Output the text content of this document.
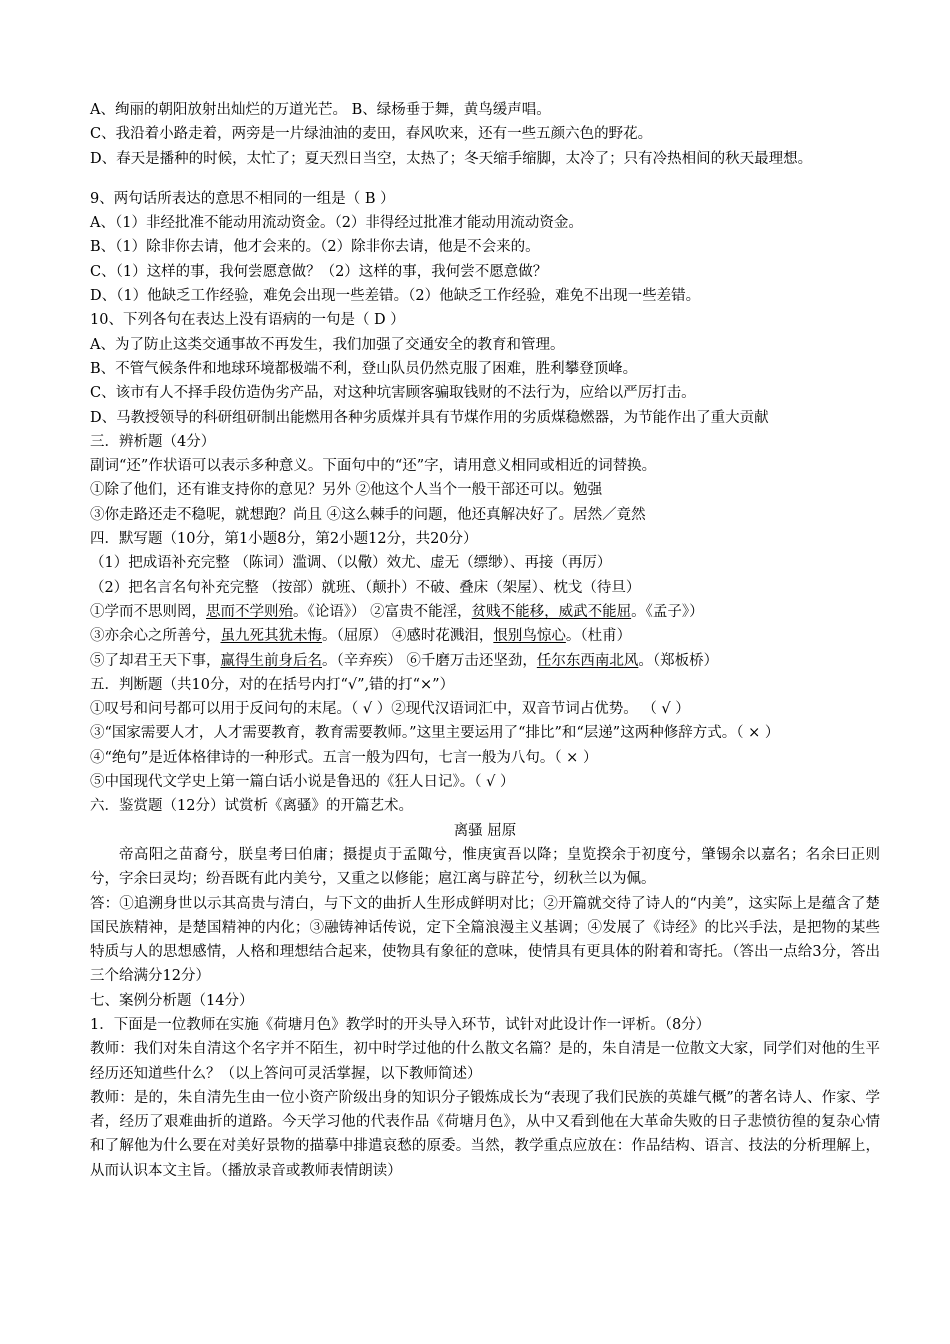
A、绚丽的朝阳放射出灿烂的万道光芒。 B、绿杨垂于舞，黄鸟缓声唱。
C、我沿着小路走着，两旁是一片绿油油的麦田，春风吹来，还有一些五颜六色的野花。
D、春天是播种的时候，太忙了；夏天烈日当空，太热了；冬天缩手缩脚，太冷了；只有冷热相间的秋天最理想。
9、两句话所表达的意思不相同的一组是（ B ）
A、（1）非经批准不能动用流动资金。（2）非得经过批准才能动用流动资金。
B、（1）除非你去请，他才会来的。（2）除非你去请，他是不会来的。
C、（1）这样的事，我何尝愿意做？（2）这样的事，我何尝不愿意做？
D、（1）他缺乏工作经验，难免会出现一些差错。（2）他缺乏工作经验，难免不出现一些差错。
10、下列各句在表达上没有语病的一句是（ D ）
A、为了防止这类交通事故不再发生，我们加强了交通安全的教育和管理。
B、不管气候条件和地球环境都极端不利，登山队员仍然克服了困难，胜利攀登顶峰。
C、该市有人不择手段仿造伪劣产品，对这种坑害顾客骗取钱财的不法行为，应给以严厉打击。
D、马教授领导的科研组研制出能燃用各种劣质煤并具有节煤作用的劣质煤稳燃器，为节能作出了重大贡献
三．辨析题（4分）
副词“还”作状语可以表示多种意义。下面句中的“还”字，请用意义相同或相近的词替换。
①除了他们，还有谁支持你的意见？另外 ②他这个人当个一般干部还可以。勉强
③你走路还走不稳呢，就想跑？尚且 ④这么棘手的问题，他还真解决好了。居然／竟然
四．默写题（10分，第1小题8分，第2小题12分，共20分）
（1）把成语补充完整 （陈词）滥调、（以儆）效尤、虚无（缥缈）、再接（再厉）
（2）把名言名句补充完整 （按部）就班、（颠扑）不破、叠床（架屋）、枕戈（待旦）
①学而不思则罔，思而不学则殆。《论语》） ②富贵不能淫，贫贱不能移，威武不能屈。《孟子》）
③亦余心之所善兮，虽九死其犹未悔。（屈原） ④感时花溅泪，恨别鸟惊心。（杜甫）
⑤了却君王天下事，赢得生前身后名。（辛弃疾） ⑥千磨万击还坚劲，任尔东西南北风。（郑板桥）
五．判断题（共10分，对的在括号内打“√”,错的打“×”）
①叹号和问号都可以用于反问句的末尾。（ √ ）②现代汉语词汇中，双音节词占优势。 （ √ ）
③“国家需要人才，人才需要教育，教育需要教师。”这里主要运用了“排比”和“层递”这两种修辞方式。（ × ）
④“绝句”是近体格律诗的一种形式。五言一般为四句，七言一般为八句。（ × ）
⑤中国现代文学史上第一篇白话小说是鲁迅的《狂人日记》。（ √ ）
六．鉴赏题（12分）试赏析《离骚》的开篇艺术。
离骚 屈原
帝高阳之苗裔兮，朕皇考曰伯庸；摄提贞于孟陬兮，惟庚寅吾以降；皇览揆余于初度兮，肇锡余以嘉名；名余曰正则兮，字余曰灵均；纷吾既有此内美兮，又重之以修能；扈江离与辟芷兮，纫秋兰以为佩。
答：①追溯身世以示其高贵与清白，与下文的曲折人生形成鲜明对比；②开篇就交待了诗人的“内美”，这实际上是蕴含了楚国民族精神，是楚国精神的内化；③融铸神话传说，定下全篇浪漫主义基调；④发展了《诗经》的比兴手法，是把物的某些特质与人的思想感情，人格和理想结合起来，使物具有象征的意味，使情具有更具体的附着和寄托。（答出一点给3分，答出三个给满分12分）
七、案例分析题（14分）
1．下面是一位教师在实施《荷塘月色》教学时的开头导入环节，试针对此设计作一评析。（8分）
教师：我们对朱自清这个名字并不陌生，初中时学过他的什么散文名篇？是的，朱自清是一位散文大家，同学们对他的生平经历还知道些什么？（以上答问可灵活掌握，以下教师简述）
教师：是的，朱自清先生由一位小资产阶级出身的知识分子锻炼成长为“表现了我们民族的英雄气概”的著名诗人、作家、学者，经历了艰难曲折的道路。今天学习他的代表作品《荷塘月色》，从中又看到他在大革命失败的日子悲愤彷徨的复杂心情和了解他为什么要在对美好景物的描摹中排遣哀愁的原委。当然，教学重点应放在：作品结构、语言、技法的分析理解上，从而认识本文主旨。（播放录音或教师表情朗读）
